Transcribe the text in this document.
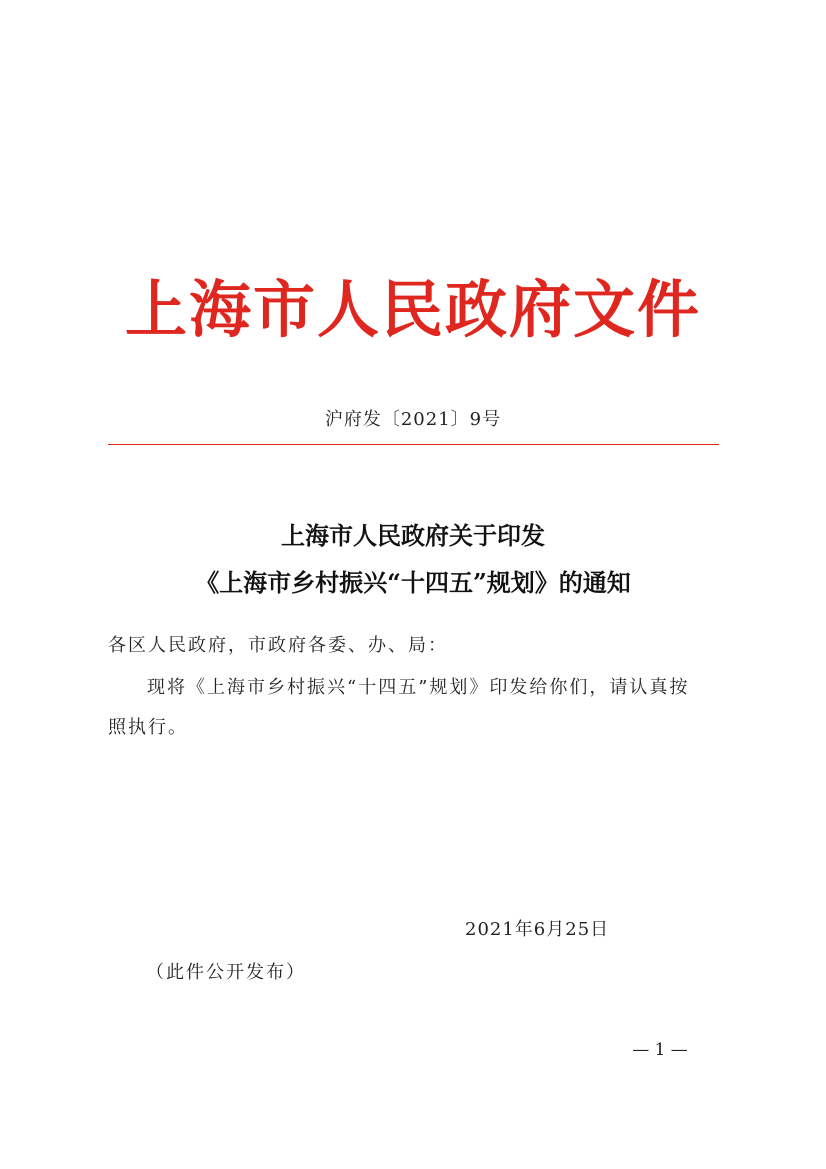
上海市人民政府文件
沪府发〔2021〕9号
上海市人民政府关于印发
《上海市乡村振兴“十四五”规划》的通知
各区人民政府，市政府各委、办、局：
现将《上海市乡村振兴“十四五”规划》印发给你们，请认真按
照执行。
2021年6月25日
（此件公开发布）
— 1 —
